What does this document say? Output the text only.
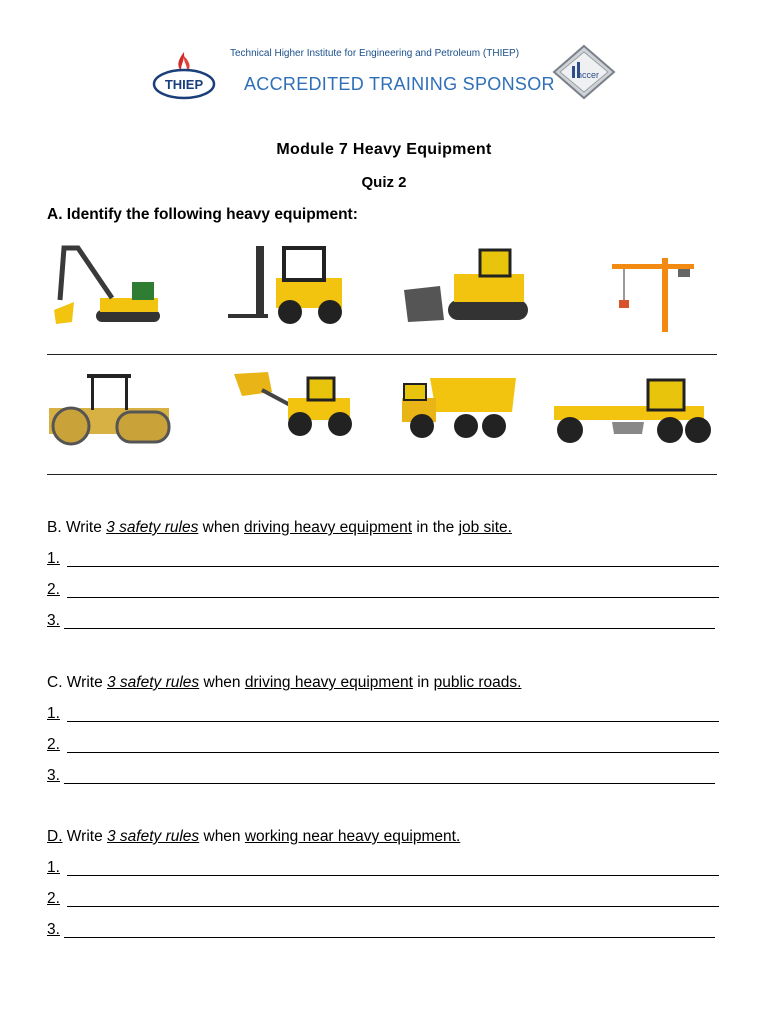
THIEP
Technical Higher Institute for Engineering and Petroleum (THIEP)
ACCREDITED TRAINING SPONSOR nccer
Module 7 Heavy Equipment
Quiz 2
A. Identify the following heavy equipment:
B. Write 3 safety rules when driving heavy equipment in the job site.
1.
2.
3.
C. Write 3 safety rules when driving heavy equipment in public roads.
1.
2.
3.
D. Write 3 safety rules when working near heavy equipment.
1.
2.
3.
